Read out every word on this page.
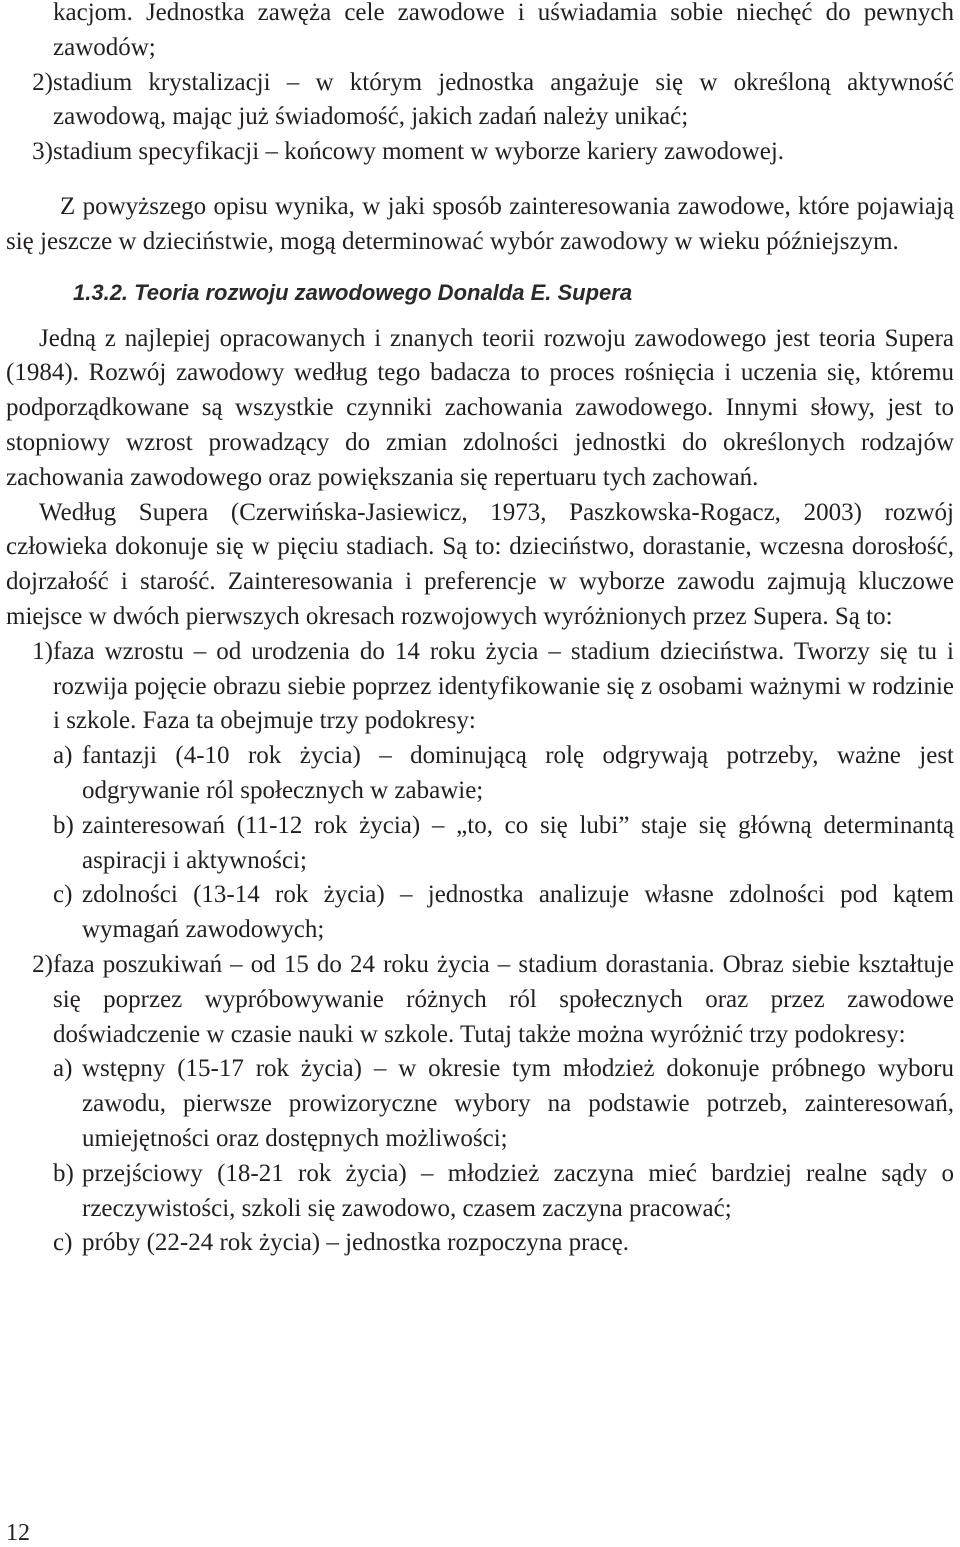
kacjom. Jednostka zawęża cele zawodowe i uświadamia sobie niechęć do pewnych zawodów;

2) stadium krystalizacji – w którym jednostka angażuje się w określoną aktywność zawodową, mając już świadomość, jakich zadań należy unikać;
3) stadium specyfikacji – końcowy moment w wyborze kariery zawodowej.

Z powyższego opisu wynika, w jaki sposób zainteresowania zawodowe, które pojawiają się jeszcze w dzieciństwie, mogą determinować wybór zawodowy w wieku późniejszym.

1.3.2. Teoria rozwoju zawodowego Donalda E. Supera

Jedną z najlepiej opracowanych i znanych teorii rozwoju zawodowego jest teoria Supera (1984). Rozwój zawodowy według tego badacza to proces rośnięcia i uczenia się, któremu podporządkowane są wszystkie czynniki zachowania zawodowego. Innymi słowy, jest to stopniowy wzrost prowadzący do zmian zdolności jednostki do określonych rodzajów zachowania zawodowego oraz powiększania się repertuaru tych zachowań.

Według Supera (Czerwińska-Jasiewicz, 1973, Paszkowska-Rogacz, 2003) rozwój człowieka dokonuje się w pięciu stadiach. Są to: dzieciństwo, dorastanie, wczesna dorosłość, dojrzałość i starość. Zainteresowania i preferencje w wyborze zawodu zajmują kluczowe miejsce w dwóch pierwszych okresach rozwojowych wyróżnionych przez Supera. Są to:

1) faza wzrostu – od urodzenia do 14 roku życia – stadium dzieciństwa. Tworzy się tu i rozwija pojęcie obrazu siebie poprzez identyfikowanie się z osobami ważnymi w rodzinie i szkole. Faza ta obejmuje trzy podokresy:
a) fantazji (4-10 rok życia) – dominującą rolę odgrywają potrzeby, ważne jest odgrywanie ról społecznych w zabawie;
b) zainteresowań (11-12 rok życia) – „to, co się lubi” staje się główną determinantą aspiracji i aktywności;
c) zdolności (13-14 rok życia) – jednostka analizuje własne zdolności pod kątem wymagań zawodowych;
2) faza poszukiwań – od 15 do 24 roku życia – stadium dorastania. Obraz siebie kształtuje się poprzez wypróbowywanie różnych ról społecznych oraz przez zawodowe doświadczenie w czasie nauki w szkole. Tutaj także można wyróżnić trzy podokresy:
a) wstępny (15-17 rok życia) – w okresie tym młodzież dokonuje próbnego wyboru zawodu, pierwsze prowizoryczne wybory na podstawie potrzeb, zainteresowań, umiejętności oraz dostępnych możliwości;
b) przejściowy (18-21 rok życia) – młodzież zaczyna mieć bardziej realne sądy o rzeczywistości, szkoli się zawodowo, czasem zaczyna pracować;
c) próby (22-24 rok życia) – jednostka rozpoczyna pracę.
12
